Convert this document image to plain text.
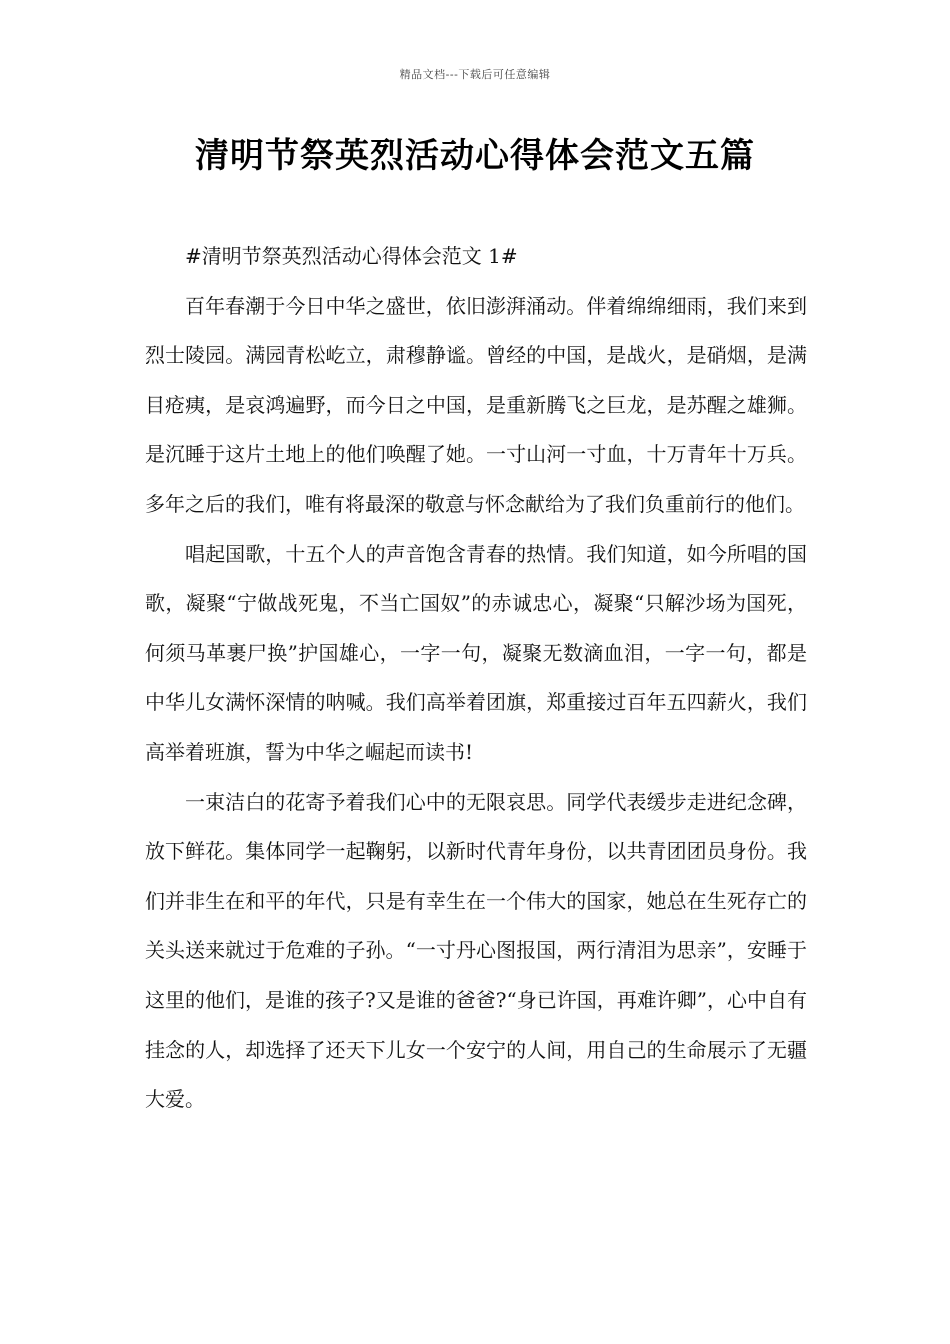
精品文档---下载后可任意编辑
清明节祭英烈活动心得体会范文五篇

#清明节祭英烈活动心得体会范文 1#

百年春潮于今日中华之盛世，依旧澎湃涌动。伴着绵绵细雨，我们来到烈士陵园。满园青松屹立，肃穆静谧。曾经的中国，是战火，是硝烟，是满目疮痍，是哀鸿遍野，而今日之中国，是重新腾飞之巨龙，是苏醒之雄狮。是沉睡于这片土地上的他们唤醒了她。一寸山河一寸血，十万青年十万兵。多年之后的我们，唯有将最深的敬意与怀念献给为了我们负重前行的他们。

唱起国歌，十五个人的声音饱含青春的热情。我们知道，如今所唱的国歌，凝聚“宁做战死鬼，不当亡国奴”的赤诚忠心，凝聚“只解沙场为国死，何须马革裹尸换”护国雄心，一字一句，凝聚无数滴血泪，一字一句，都是中华儿女满怀深情的呐喊。我们高举着团旗，郑重接过百年五四薪火，我们高举着班旗，誓为中华之崛起而读书!

一束洁白的花寄予着我们心中的无限哀思。同学代表缓步走进纪念碑，放下鲜花。集体同学一起鞠躬，以新时代青年身份，以共青团团员身份。我们并非生在和平的年代，只是有幸生在一个伟大的国家，她总在生死存亡的关头送来就过于危难的子孙。“一寸丹心图报国，两行清泪为思亲”，安睡于这里的他们，是谁的孩子?又是谁的爸爸?“身已许国，再难许卿”，心中自有挂念的人，却选择了还天下儿女一个安宁的人间，用自己的生命展示了无疆大爱。
